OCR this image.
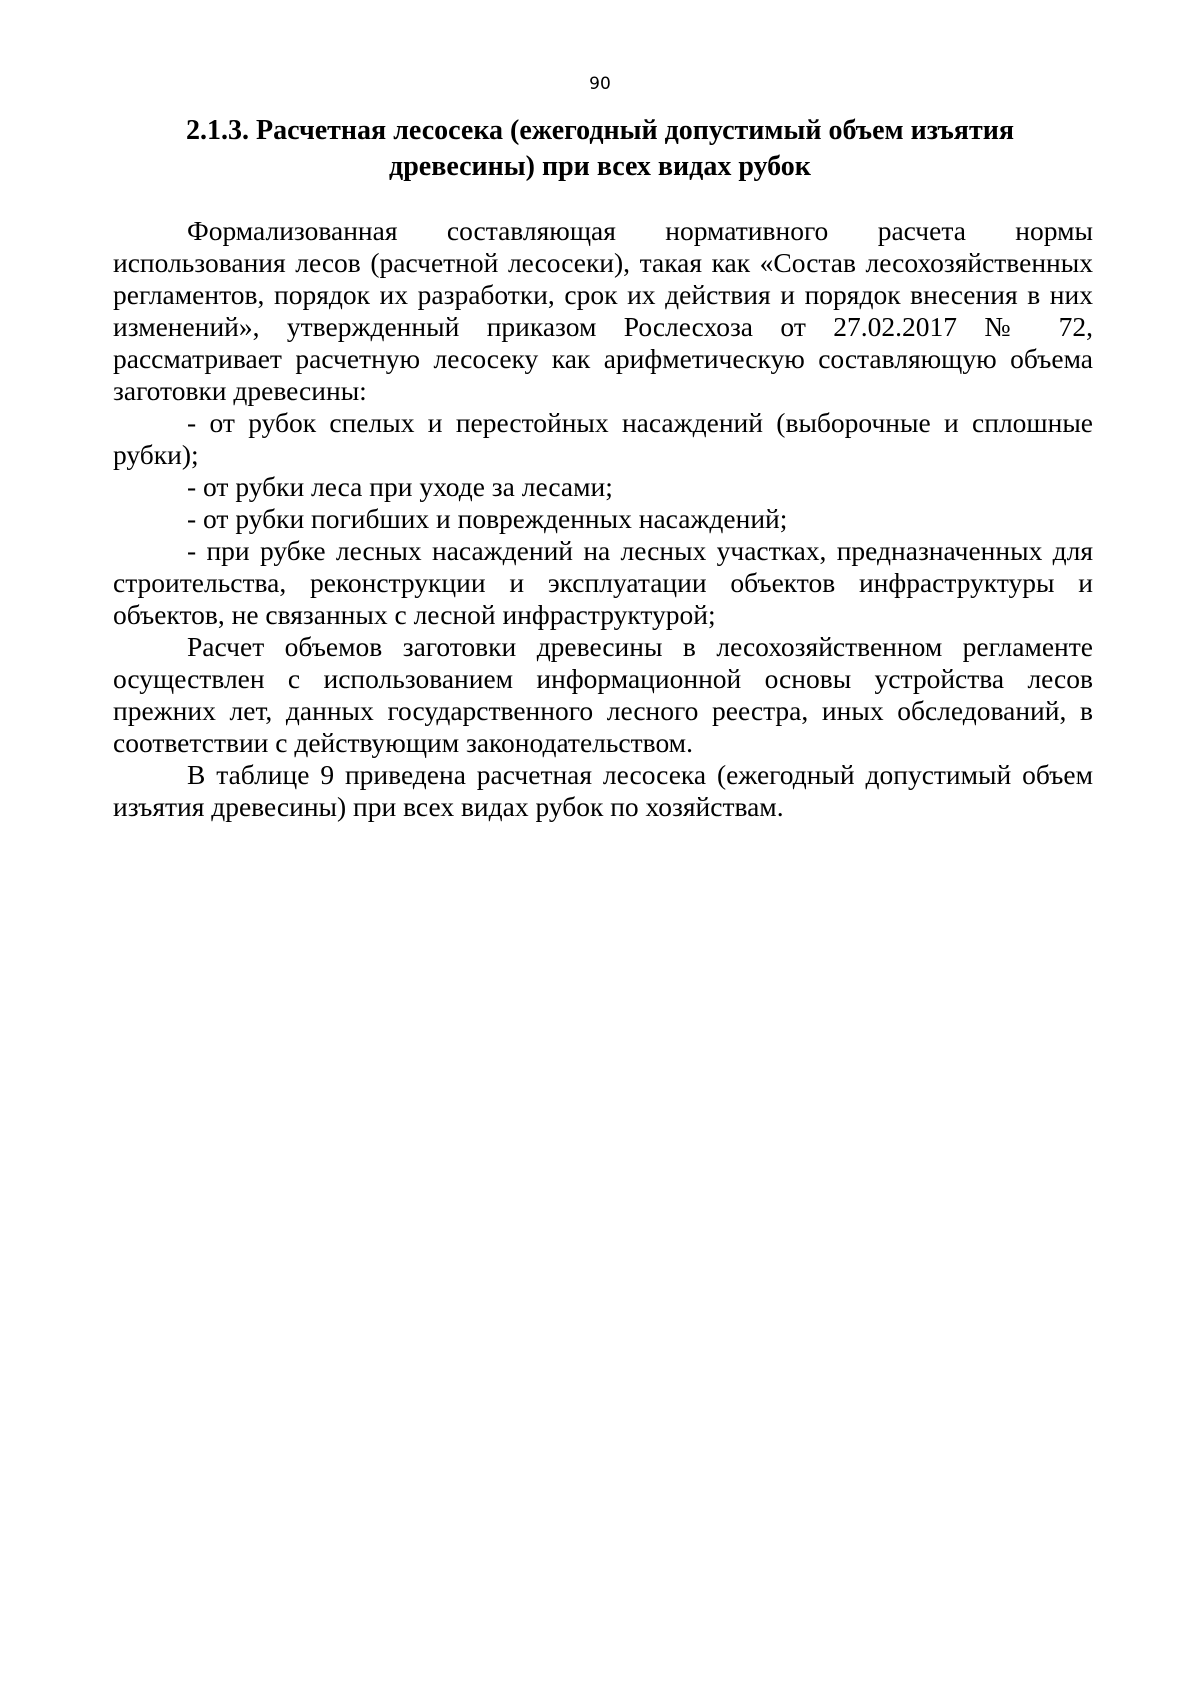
90
2.1.3. Расчетная лесосека (ежегодный допустимый объем изъятия
древесины) при всех видах рубок

Формализованная составляющая нормативного расчета нормы использования лесов (расчетной лесосеки), такая как «Состав лесохозяйственных регламентов, порядок их разработки, срок их действия и порядок внесения в них изменений», утвержденный приказом Рослесхоза от 27.02.2017 № 72, рассматривает расчетную лесосеку как арифметическую составляющую объема заготовки древесины:

- от рубок спелых и перестойных насаждений (выборочные и сплошные рубки);

- от рубки леса при уходе за лесами;

- от рубки погибших и поврежденных насаждений;

- при рубке лесных насаждений на лесных участках, предназначенных для строительства, реконструкции и эксплуатации объектов инфраструктуры и объектов, не связанных с лесной инфраструктурой;

Расчет объемов заготовки древесины в лесохозяйственном регламенте осуществлен с использованием информационной основы устройства лесов прежних лет, данных государственного лесного реестра, иных обследований, в соответствии с действующим законодательством.

В таблице 9 приведена расчетная лесосека (ежегодный допустимый объем изъятия древесины) при всех видах рубок по хозяйствам.
